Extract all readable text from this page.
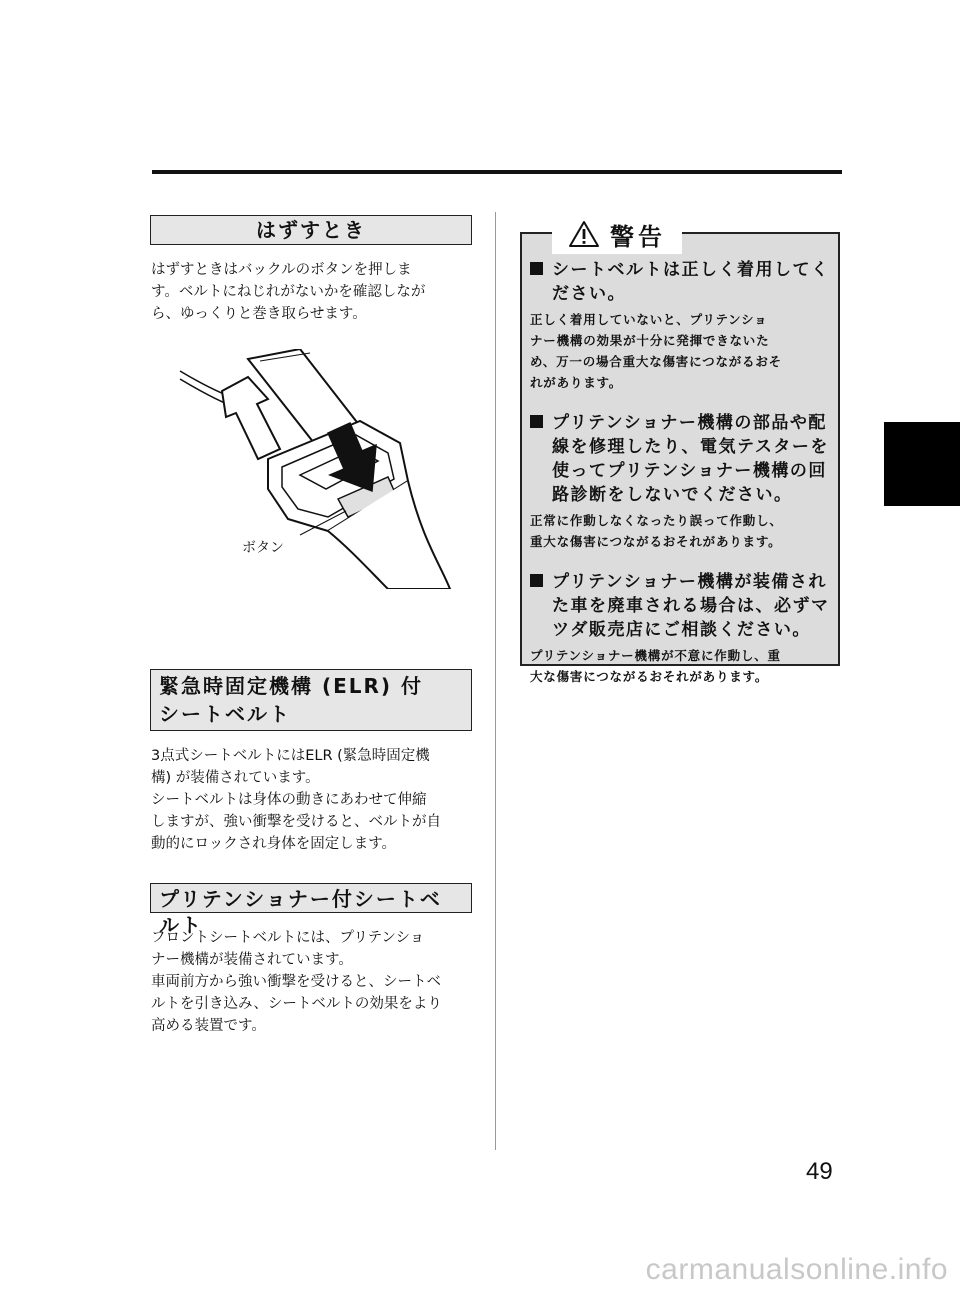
はずすとき

はずすときはバックルのボタンを押しま

す。ベルトにねじれがないかを確認しなが

ら、ゆっくりと巻き取らせます。

ボタン
緊急時固定機構 (ELR) 付
シートベルト

3点式シートベルトにはELR (緊急時固定機

構) が装備されています。

シートベルトは身体の動きにあわせて伸縮

しますが、強い衝撃を受けると、ベルトが自

動的にロックされ身体を固定します。

プリテンショナー付シートベルト

フロントシートベルトには、プリテンショ

ナー機構が装備されています。

車両前方から強い衝撃を受けると、シートベ

ルトを引き込み、シートベルトの効果をより

高める装置です。

警告
シートベルトは正しく着用してく
ださい。
正しく着用していないと、プリテンショ
ナー機構の効果が十分に発揮できないた
め、万一の場合重大な傷害につながるおそ
れがあります。
プリテンショナー機構の部品や配
線を修理したり、電気テスターを
使ってプリテンショナー機構の回
路診断をしないでください。
正常に作動しなくなったり誤って作動し、
重大な傷害につながるおそれがあります。
プリテンショナー機構が装備され
た車を廃車される場合は、必ずマ
ツダ販売店にご相談ください。
プリテンショナー機構が不意に作動し、重
大な傷害につながるおそれがあります。
49
carmanualsonline.info
